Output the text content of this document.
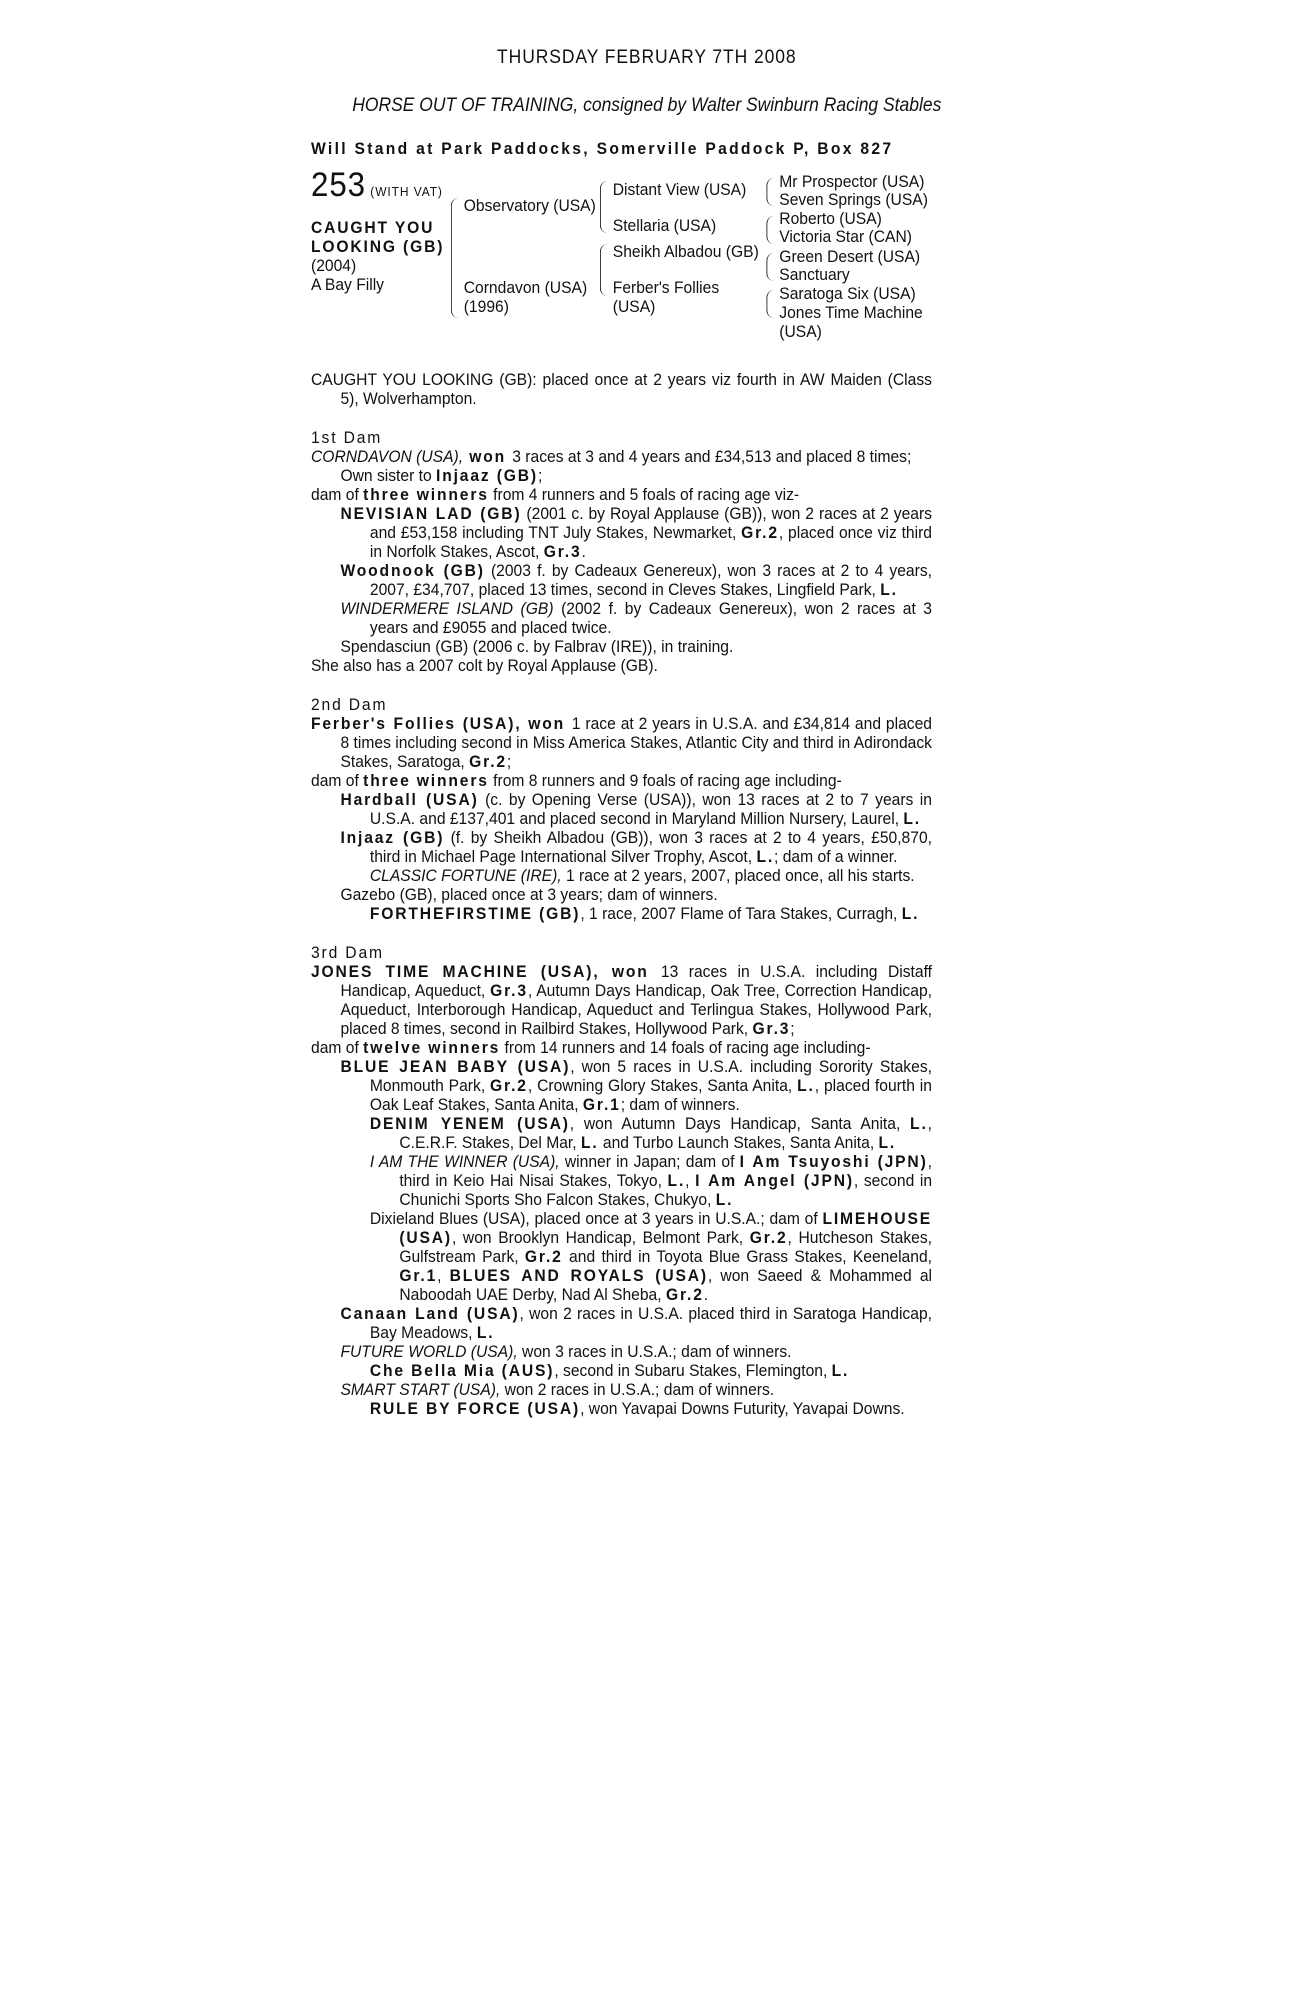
THURSDAY FEBRUARY 7TH 2008
HORSE OUT OF TRAINING, consigned by Walter Swinburn Racing Stables
Will Stand at Park Paddocks, Somerville Paddock P, Box 827
253 (WITH VAT)
CAUGHT YOU
LOOKING (GB)
(2004)
A Bay Filly
Observatory (USA)
Corndavon (USA)
(1996)
Distant View (USA)
Stellaria (USA)
Sheikh Albadou (GB)
Ferber's Follies
(USA)
Mr Prospector (USA)
Seven Springs (USA)
Roberto (USA)
Victoria Star (CAN)
Green Desert (USA)
Sanctuary
Saratoga Six (USA)
Jones Time Machine
(USA)

CAUGHT YOU LOOKING (GB): placed once at 2 years viz fourth in AW Maiden (Class 5), Wolverhampton.

1st Dam

CORNDAVON (USA), won 3 races at 3 and 4 years and £34,513 and placed 8 times;

Own sister to Injaaz (GB);

dam of three winners from 4 runners and 5 foals of racing age viz-

NEVISIAN LAD (GB) (2001 c. by Royal Applause (GB)), won 2 races at 2 years and £53,158 including TNT July Stakes, Newmarket, Gr.2, placed once viz third in Norfolk Stakes, Ascot, Gr.3.

Woodnook (GB) (2003 f. by Cadeaux Genereux), won 3 races at 2 to 4 years, 2007, £34,707, placed 13 times, second in Cleves Stakes, Lingfield Park, L.

WINDERMERE ISLAND (GB) (2002 f. by Cadeaux Genereux), won 2 races at 3 years and £9055 and placed twice.

Spendasciun (GB) (2006 c. by Falbrav (IRE)), in training.

She also has a 2007 colt by Royal Applause (GB).

2nd Dam

Ferber's Follies (USA), won 1 race at 2 years in U.S.A. and £34,814 and placed 8 times including second in Miss America Stakes, Atlantic City and third in Adirondack Stakes, Saratoga, Gr.2;

dam of three winners from 8 runners and 9 foals of racing age including-

Hardball (USA) (c. by Opening Verse (USA)), won 13 races at 2 to 7 years in U.S.A. and £137,401 and placed second in Maryland Million Nursery, Laurel, L.

Injaaz (GB) (f. by Sheikh Albadou (GB)), won 3 races at 2 to 4 years, £50,870, third in Michael Page International Silver Trophy, Ascot, L.; dam of a winner.

CLASSIC FORTUNE (IRE), 1 race at 2 years, 2007, placed once, all his starts.

Gazebo (GB), placed once at 3 years; dam of winners.

FORTHEFIRSTIME (GB), 1 race, 2007 Flame of Tara Stakes, Curragh, L.

3rd Dam

JONES TIME MACHINE (USA), won 13 races in U.S.A. including Distaff Handicap, Aqueduct, Gr.3, Autumn Days Handicap, Oak Tree, Correction Handicap, Aqueduct, Interborough Handicap, Aqueduct and Terlingua Stakes, Hollywood Park, placed 8 times, second in Railbird Stakes, Hollywood Park, Gr.3;

dam of twelve winners from 14 runners and 14 foals of racing age including-

BLUE JEAN BABY (USA), won 5 races in U.S.A. including Sorority Stakes, Monmouth Park, Gr.2, Crowning Glory Stakes, Santa Anita, L., placed fourth in Oak Leaf Stakes, Santa Anita, Gr.1; dam of winners.

DENIM YENEM (USA), won Autumn Days Handicap, Santa Anita, L., C.E.R.F. Stakes, Del Mar, L. and Turbo Launch Stakes, Santa Anita, L.

I AM THE WINNER (USA), winner in Japan; dam of I Am Tsuyoshi (JPN), third in Keio Hai Nisai Stakes, Tokyo, L., I Am Angel (JPN), second in Chunichi Sports Sho Falcon Stakes, Chukyo, L.

Dixieland Blues (USA), placed once at 3 years in U.S.A.; dam of LIMEHOUSE (USA), won Brooklyn Handicap, Belmont Park, Gr.2, Hutcheson Stakes, Gulfstream Park, Gr.2 and third in Toyota Blue Grass Stakes, Keeneland, Gr.1, BLUES AND ROYALS (USA), won Saeed & Mohammed al Naboodah UAE Derby, Nad Al Sheba, Gr.2.

Canaan Land (USA), won 2 races in U.S.A. placed third in Saratoga Handicap, Bay Meadows, L.

FUTURE WORLD (USA), won 3 races in U.S.A.; dam of winners.

Che Bella Mia (AUS), second in Subaru Stakes, Flemington, L.

SMART START (USA), won 2 races in U.S.A.; dam of winners.

RULE BY FORCE (USA), won Yavapai Downs Futurity, Yavapai Downs.
